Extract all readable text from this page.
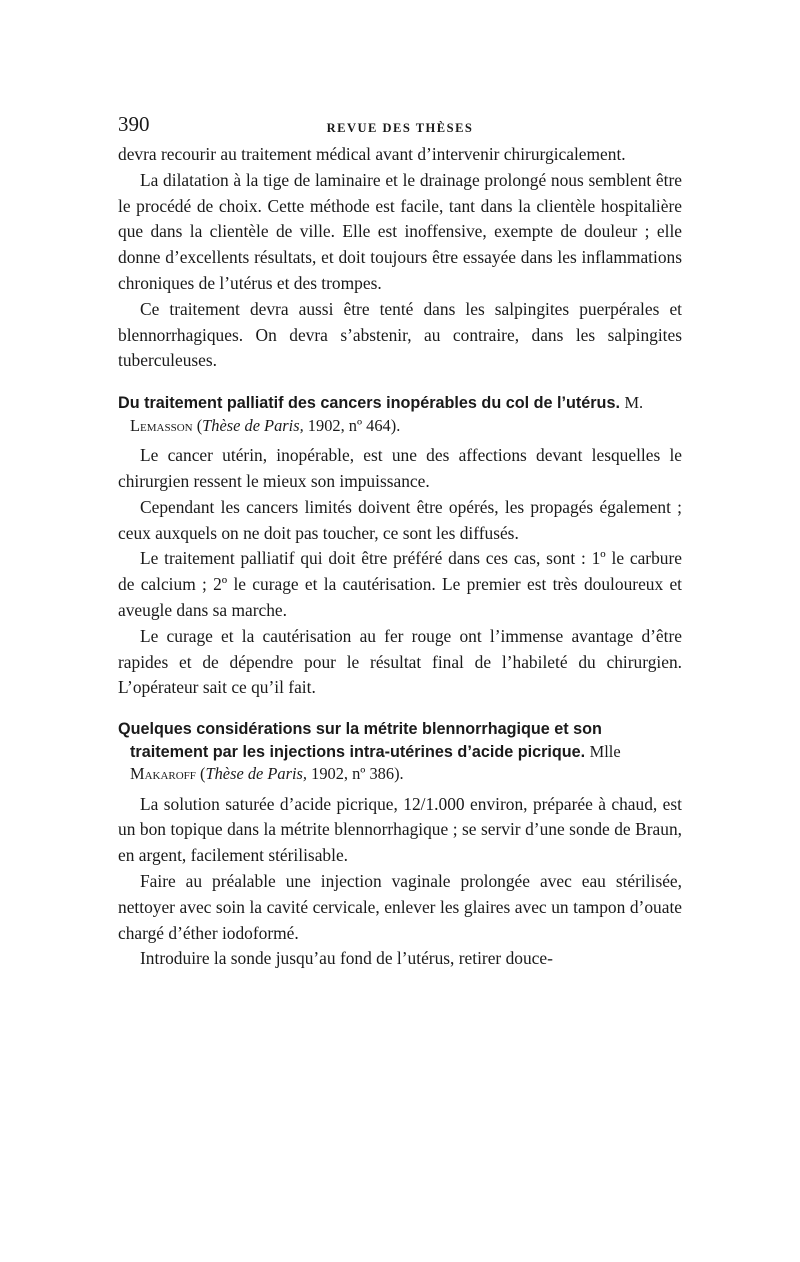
390	REVUE DES THÈSES

devra recourir au traitement médical avant d’intervenir chirurgicalement.

La dilatation à la tige de laminaire et le drainage prolongé nous semblent être le procédé de choix. Cette méthode est facile, tant dans la clientèle hospitalière que dans la clientèle de ville. Elle est inoffensive, exempte de douleur ; elle donne d’excellents résultats, et doit toujours être essayée dans les inflammations chroniques de l’utérus et des trompes.

Ce traitement devra aussi être tenté dans les salpingites puerpérales et blennorrhagiques. On devra s’abstenir, au contraire, dans les salpingites tuberculeuses.

Du traitement palliatif des cancers inopérables du col de l’utérus. M. Lemasson (Thèse de Paris, 1902, nº 464).

Le cancer utérin, inopérable, est une des affections devant lesquelles le chirurgien ressent le mieux son impuissance.

Cependant les cancers limités doivent être opérés, les propagés également ; ceux auxquels on ne doit pas toucher, ce sont les diffusés.

Le traitement palliatif qui doit être préféré dans ces cas, sont : 1º le carbure de calcium ; 2º le curage et la cautérisation. Le premier est très douloureux et aveugle dans sa marche.

Le curage et la cautérisation au fer rouge ont l’immense avantage d’être rapides et de dépendre pour le résultat final de l’habileté du chirurgien. L’opérateur sait ce qu’il fait.

Quelques considérations sur la métrite blennorrhagique et son traitement par les injections intra-utérines d’acide picrique. Mlle Makaroff (Thèse de Paris, 1902, nº 386).

La solution saturée d’acide picrique, 12/1.000 environ, préparée à chaud, est un bon topique dans la métrite blennorrhagique ; se servir d’une sonde de Braun, en argent, facilement stérilisable.

Faire au préalable une injection vaginale prolongée avec eau stérilisée, nettoyer avec soin la cavité cervicale, enlever les glaires avec un tampon d’ouate chargé d’éther iodoformé.

Introduire la sonde jusqu’au fond de l’utérus, retirer douce-
